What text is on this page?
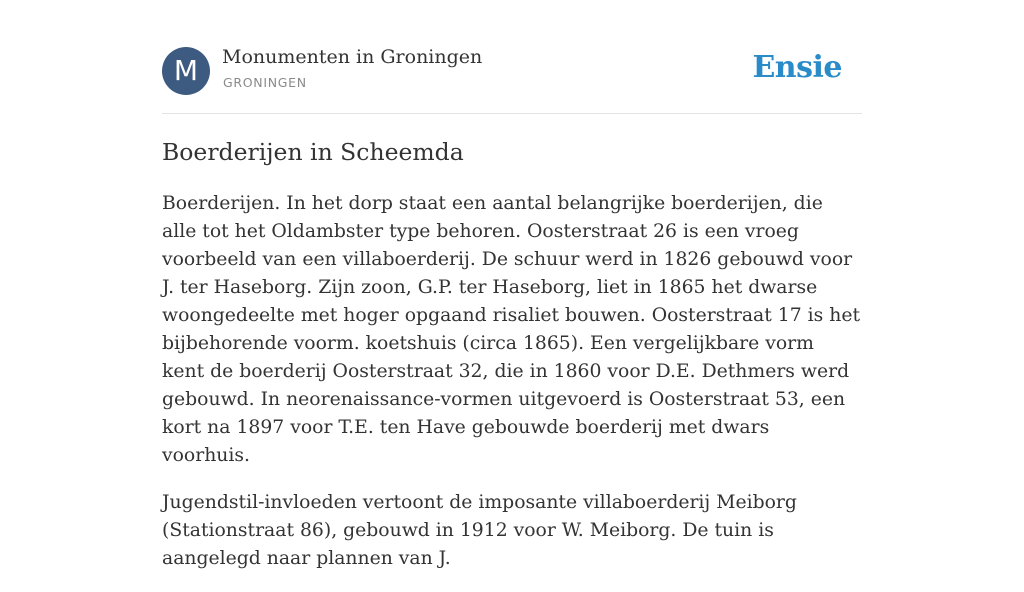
M	Monumenten in Groningen
GRONINGEN	Ensie
Boerderijen in Scheemda

Boerderijen. In het dorp staat een aantal belangrijke boerderijen, die alle tot het Oldambster type behoren. Oosterstraat 26 is een vroeg voorbeeld van een villaboerderij. De schuur werd in 1826 gebouwd voor J. ter Haseborg. Zijn zoon, G.P. ter Haseborg, liet in 1865 het dwarse woongedeelte met hoger opgaand risaliet bouwen. Oosterstraat 17 is het bijbehorende voorm. koetshuis (circa 1865). Een vergelijkbare vorm kent de boerderij Oosterstraat 32, die in 1860 voor D.E. Dethmers werd gebouwd. In neorenaissance-vormen uitgevoerd is Oosterstraat 53, een kort na 1897 voor T.E. ten Have gebouwde boerderij met dwars voorhuis.

Jugendstil-invloeden vertoont de imposante villaboerderij Meiborg (Stationstraat 86), gebouwd in 1912 voor W. Meiborg. De tuin is aangelegd naar plannen van J.
